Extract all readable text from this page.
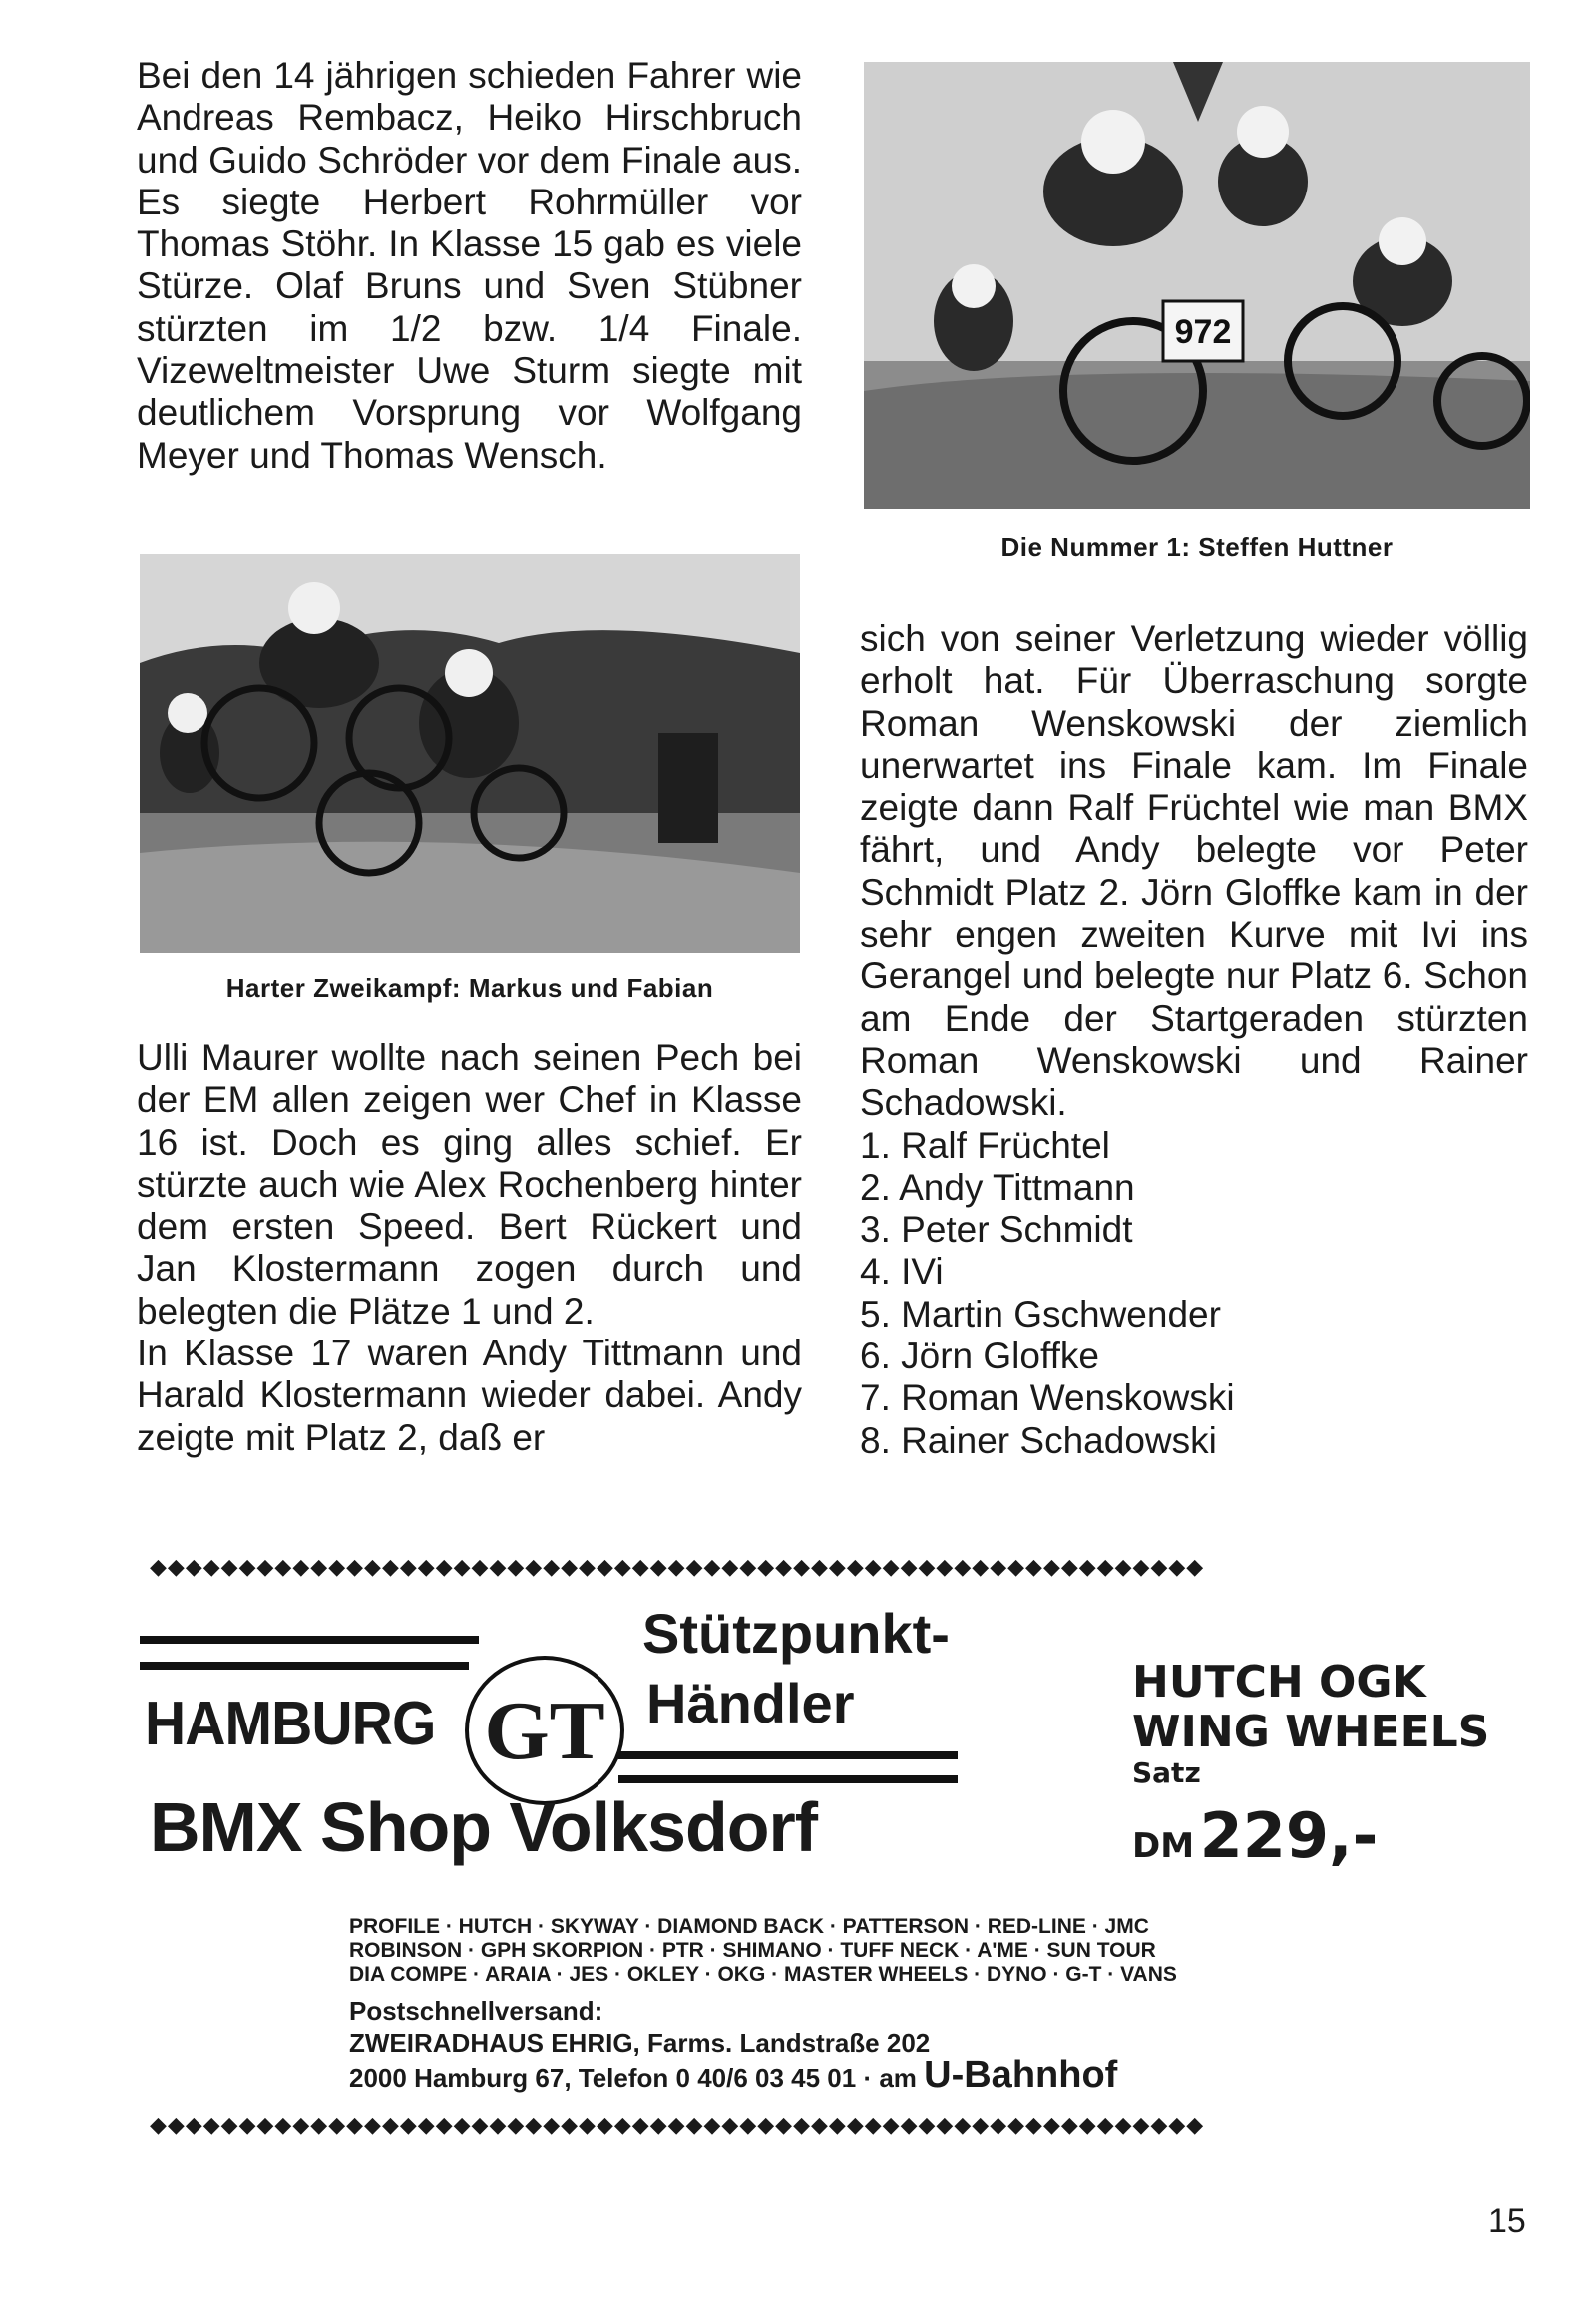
Bei den 14 jährigen schieden Fahrer wie Andreas Rembacz, Heiko Hirschbruch und Guido Schröder vor dem Finale aus. Es siegte Herbert Rohrmüller vor Thomas Stöhr. In Klasse 15 gab es viele Stürze. Olaf Bruns und Sven Stübner stürzten im 1/2 bzw. 1/4 Finale. Vizeweltmeister Uwe Sturm siegte mit deutlichem Vorsprung vor Wolfgang Meyer und Thomas Wensch.

972
Die Nummer 1: Steffen Huttner
Harter Zweikampf: Markus und Fabian

Ulli Maurer wollte nach seinen Pech bei der EM allen zeigen wer Chef in Klasse 16 ist. Doch es ging alles schief. Er stürzte auch wie Alex Rochenberg hinter dem ersten Speed. Bert Rückert und Jan Klostermann zogen durch und belegten die Plätze 1 und 2.

In Klasse 17 waren Andy Tittmann und Harald Klostermann wieder dabei. Andy zeigte mit Platz 2, daß er

sich von seiner Verletzung wieder völlig erholt hat. Für Überraschung sorgte Roman Wenskowski der ziemlich unerwartet ins Finale kam. Im Finale zeigte dann Ralf Früchtel wie man BMX fährt, und Andy belegte vor Peter Schmidt Platz 2. Jörn Gloffke kam in der sehr engen zweiten Kurve mit Ivi ins Gerangel und belegte nur Platz 6. Schon am Ende der Startgeraden stürzten Roman Wenskowski und Rainer Schadowski.

1. Ralf Früchtel
2. Andy Tittmann
3. Peter Schmidt
4. IVi
5. Martin Gschwender
6. Jörn Gloffke
7. Roman Wenskowski
8. Rainer Schadowski
◆◆◆◆◆◆◆◆◆◆◆◆◆◆◆◆◆◆◆◆◆◆◆◆◆◆◆◆◆◆◆◆◆◆◆◆◆◆◆◆◆◆◆◆◆◆◆◆◆◆◆◆◆◆◆◆◆◆◆
Stützpunkt-
Händler
HAMBURG GT
BMX Shop Volksdorf
HUTCH OGK
WING WHEELS
Satz
DM 229,-
PROFILE · HUTCH · SKYWAY · DIAMOND BACK · PATTERSON · RED-LINE · JMC
ROBINSON · GPH SKORPION · PTR · SHIMANO · TUFF NECK · A'ME · SUN TOUR
DIA COMPE · ARAIA · JES · OKLEY · OKG · MASTER WHEELS · DYNO · G-T · VANS
Postschnellversand:
ZWEIRADHAUS EHRIG, Farms. Landstraße 202
2000 Hamburg 67, Telefon 0 40/6 03 45 01 · am U-Bahnhof
◆◆◆◆◆◆◆◆◆◆◆◆◆◆◆◆◆◆◆◆◆◆◆◆◆◆◆◆◆◆◆◆◆◆◆◆◆◆◆◆◆◆◆◆◆◆◆◆◆◆◆◆◆◆◆◆◆◆◆
15
